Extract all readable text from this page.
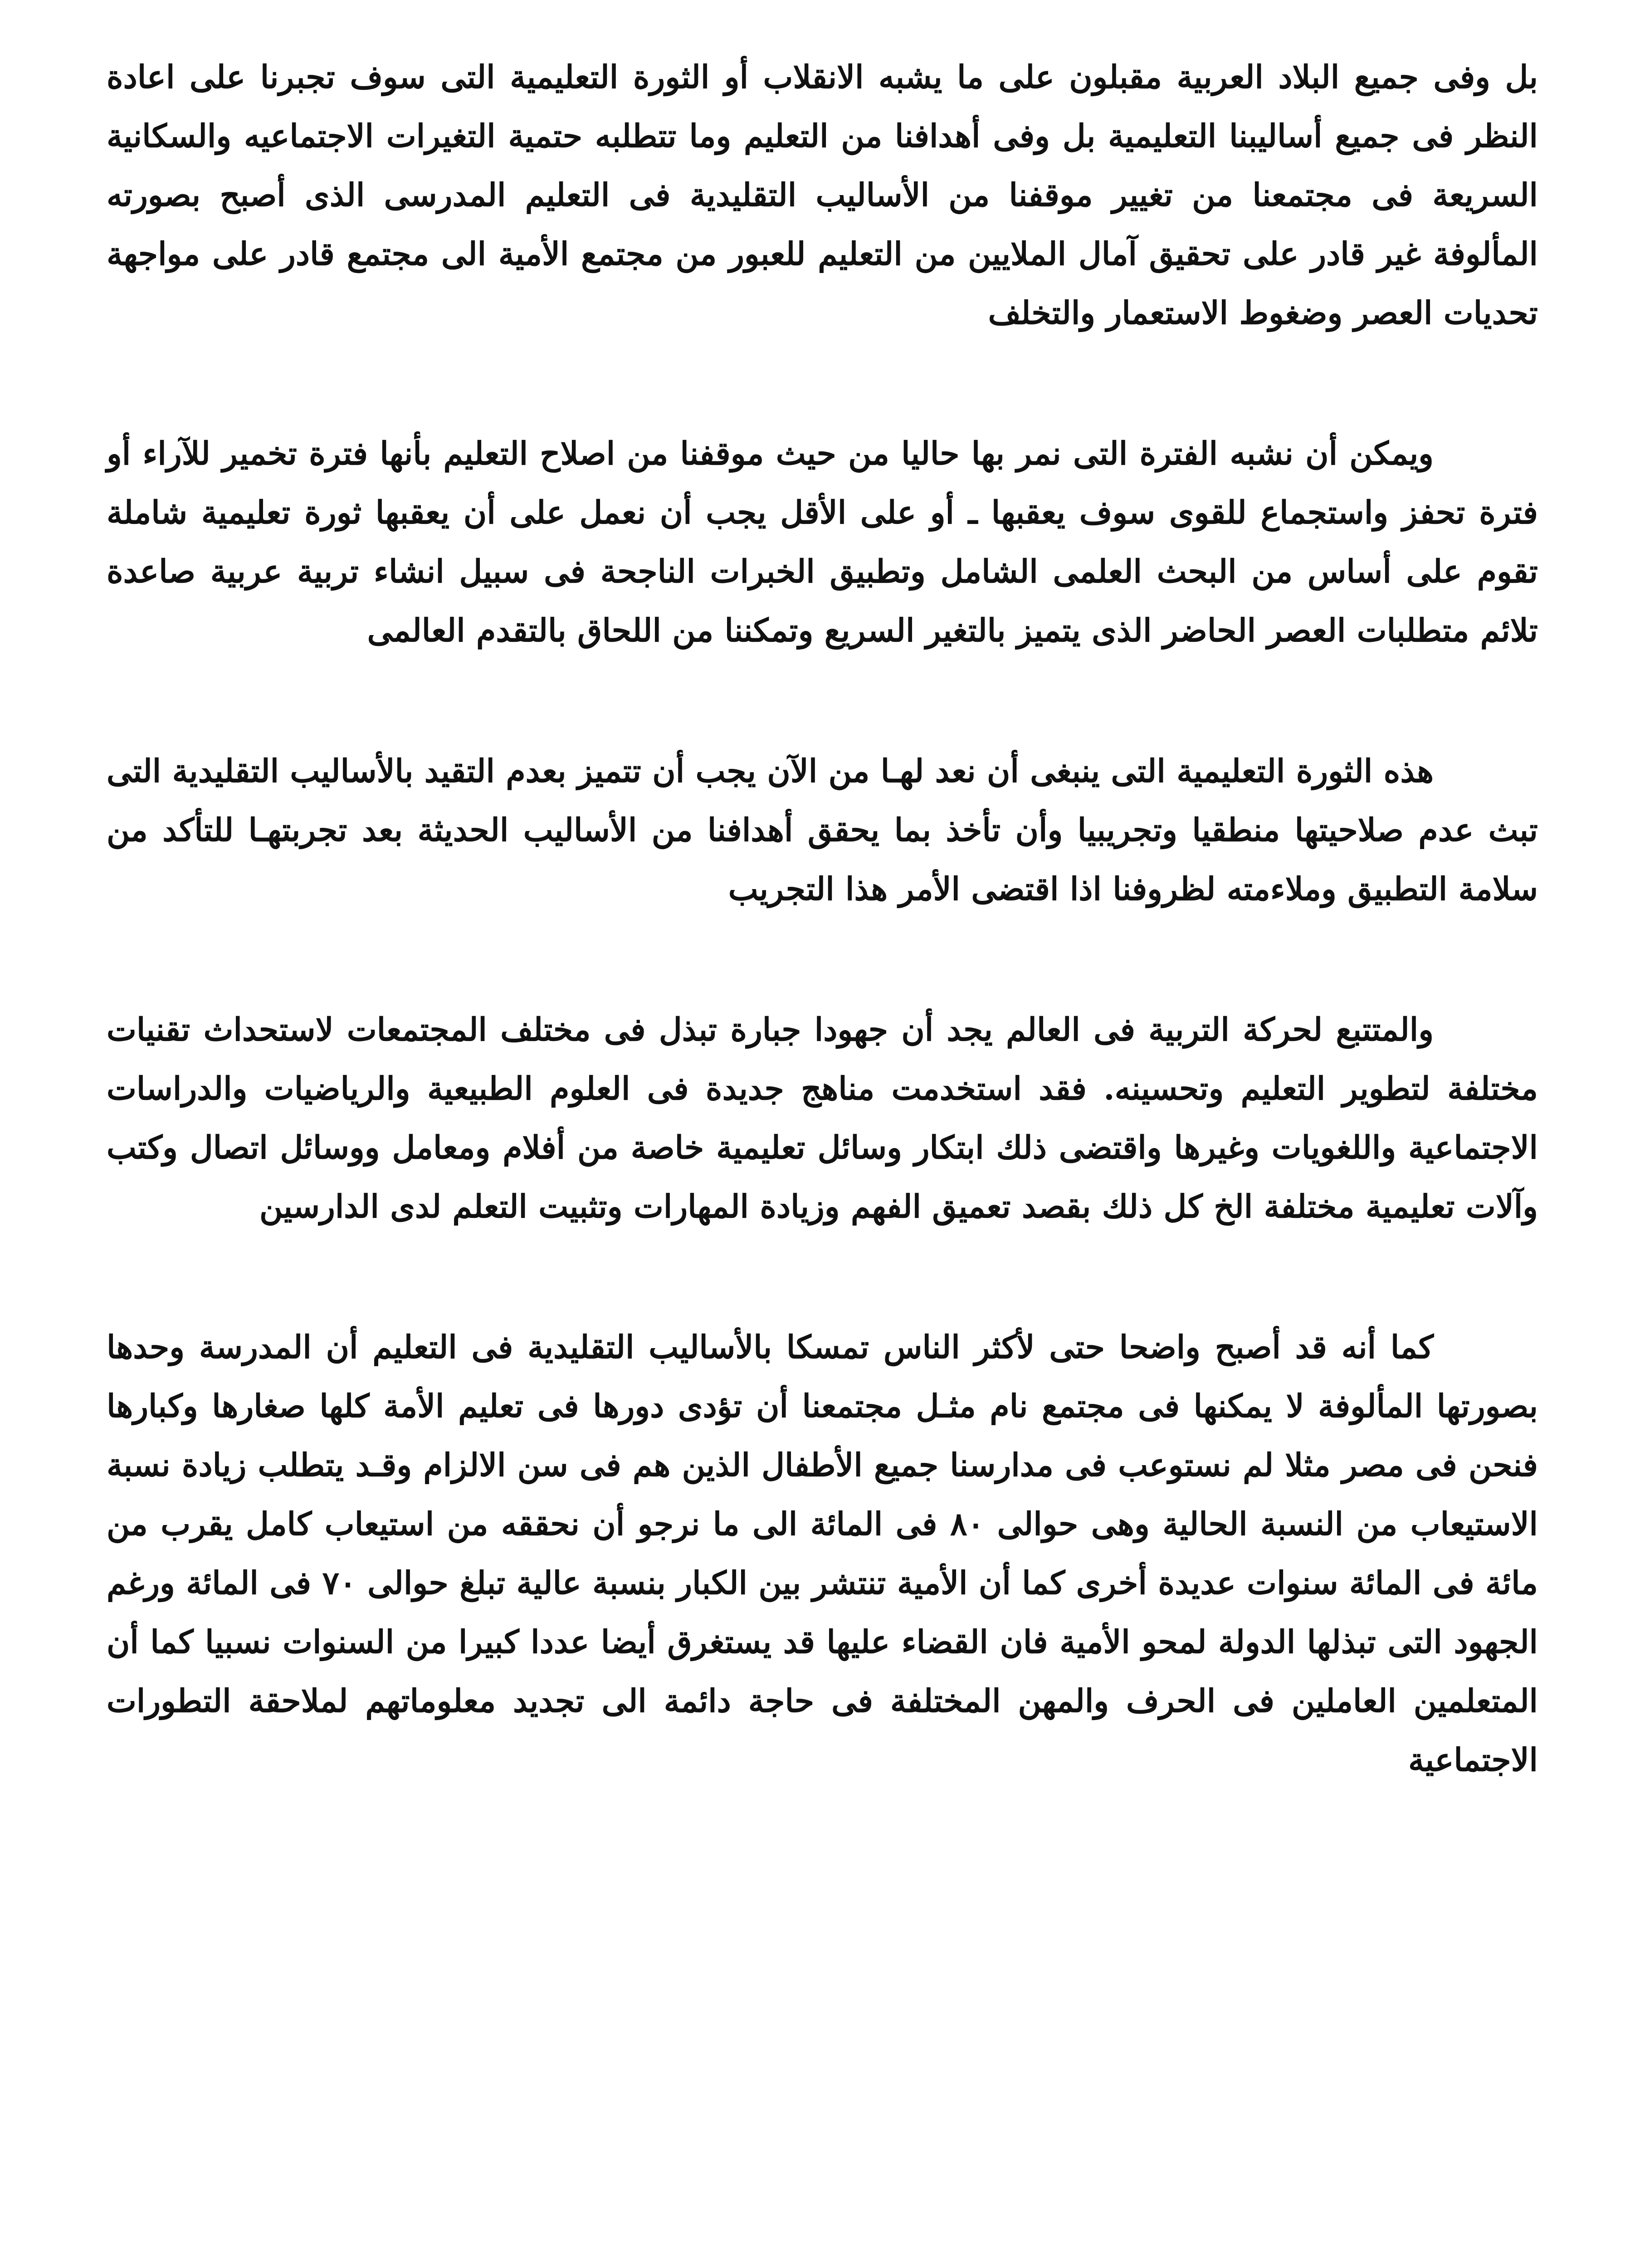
بل وفى جميع البلاد العربية مقبلون على ما يشبه الانقلاب أو الثورة التعليمية التى سوف تجبرنا على اعادة النظر فى جميع أساليبنا التعليمية بل وفى أهدافنا من التعليم وما تتطلبه حتمية التغيرات الاجتماعيه والسكانية السريعة فى مجتمعنا من تغيير موقفنا من الأساليب التقليدية فى التعليم المدرسى الذى أصبح بصورته المألوفة غير قادر على تحقيق آمال الملايين من التعليم للعبور من مجتمع الأمية الى مجتمع قادر على مواجهة تحديات العصر وضغوط الاستعمار والتخلف

ويمكن أن نشبه الفترة التى نمر بها حاليا من حيث موقفنا من اصلاح التعليم بأنها فترة تخمير للآراء أو فترة تحفز واستجماع للقوى سوف يعقبها ـ أو على الأقل يجب أن نعمل على أن يعقبها ثورة تعليمية شاملة تقوم على أساس من البحث العلمى الشامل وتطبيق الخبرات الناجحة فى سبيل انشاء تربية عربية صاعدة تلائم متطلبات العصر الحاضر الذى يتميز بالتغير السريع وتمكننا من اللحاق بالتقدم العالمى

هذه الثورة التعليمية التى ينبغى أن نعد لهـا من الآن يجب أن تتميز بعدم التقيد بالأساليب التقليدية التى تبث عدم صلاحيتها منطقيا وتجريبيا وأن تأخذ بما يحقق أهدافنا من الأساليب الحديثة بعد تجربتهـا للتأكد من سلامة التطبيق وملاءمته لظروفنا اذا اقتضى الأمر هذا التجريب

والمتتبع لحركة التربية فى العالم يجد أن جهودا جبارة تبذل فى مختلف المجتمعات لاستحداث تقنيات مختلفة لتطوير التعليم وتحسينه. فقد استخدمت مناهج جديدة فى العلوم الطبيعية والرياضيات والدراسات الاجتماعية واللغويات وغيرها واقتضى ذلك ابتكار وسائل تعليمية خاصة من أفلام ومعامل ووسائل اتصال وكتب وآلات تعليمية مختلفة الخ كل ذلك بقصد تعميق الفهم وزيادة المهارات وتثبيت التعلم لدى الدارسين

كما أنه قد أصبح واضحا حتى لأكثر الناس تمسكا بالأساليب التقليدية فى التعليم أن المدرسة وحدها بصورتها المألوفة لا يمكنها فى مجتمع نام مثـل مجتمعنا أن تؤدى دورها فى تعليم الأمة كلها صغارها وكبارها فنحن فى مصر مثلا لم نستوعب فى مدارسنا جميع الأطفال الذين هم فى سن الالزام وقـد يتطلب زيادة نسبة الاستيعاب من النسبة الحالية وهى حوالى ٨٠ فى المائة الى ما نرجو أن نحققه من استيعاب كامل يقرب من مائة فى المائة سنوات عديدة أخرى كما أن الأمية تنتشر بين الكبار بنسبة عالية تبلغ حوالى ٧٠ فى المائة ورغم الجهود التى تبذلها الدولة لمحو الأمية فان القضاء عليها قد يستغرق أيضا عددا كبيرا من السنوات نسبيا كما أن المتعلمين العاملين فى الحرف والمهن المختلفة فى حاجة دائمة الى تجديد معلوماتهم لملاحقة التطورات الاجتماعية
